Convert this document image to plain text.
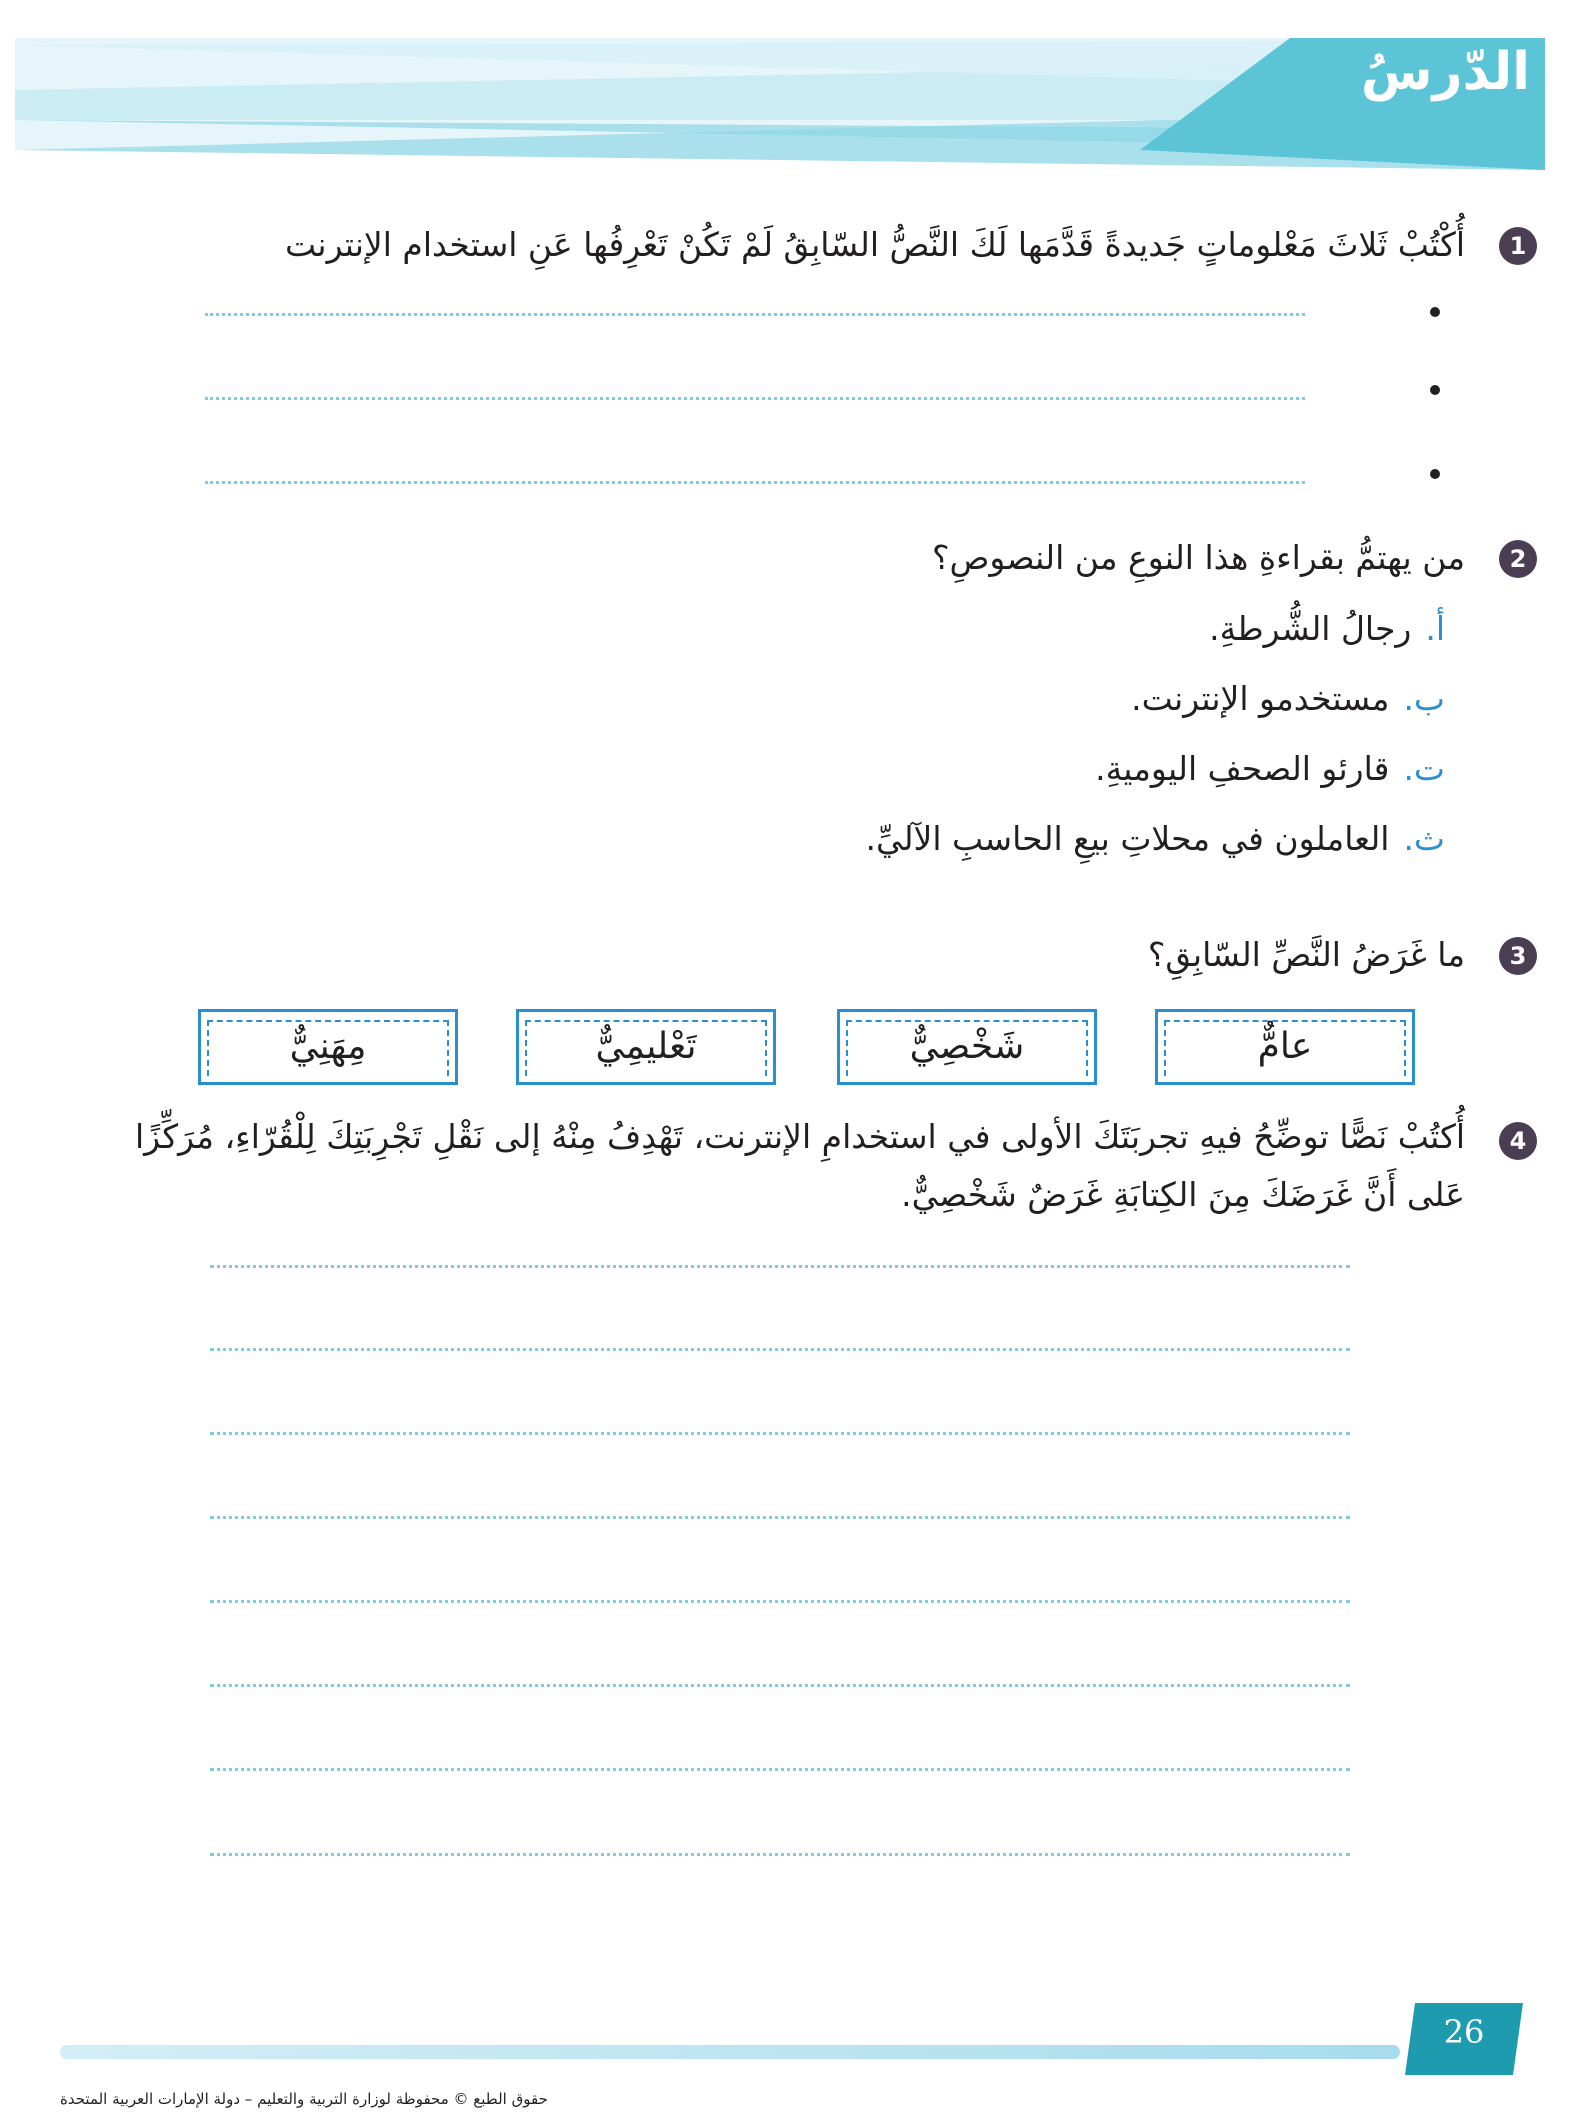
الدّرسُ
1
أُكْتُبْ ثَلاثَ مَعْلوماتٍ جَديدةً قَدَّمَها لَكَ النَّصُّ السّابِقُ لَمْ تَكُنْ تَعْرِفُها عَنِ استخدام الإنترنت
2
من يهتمُّ بقراءةِ هذا النوعِ من النصوصِ؟
أ.رجالُ الشُّرطةِ.
ب.مستخدمو الإنترنت.
ت.قارئو الصحفِ اليوميةِ.
ث.العاملون في محلاتِ بيعِ الحاسبِ الآليِّ.
3
ما غَرَضُ النَّصِّ السّابِقِ؟
عامٌّ
شَخْصِيٌّ
تَعْليمِيٌّ
مِهَنِيٌّ
4
أُكتُبْ نَصًّا توضِّحُ فيهِ تجربَتَكَ الأولى في استخدامِ الإنترنت، تَهْدِفُ مِنْهُ إلى نَقْلِ تَجْرِبَتِكَ لِلْقُرّاءِ، مُرَكِّزًا عَلى أَنَّ غَرَضَكَ مِنَ الكِتابَةِ غَرَضٌ شَخْصِيٌّ.
26
حقوق الطبع © محفوظة لوزارة التربية والتعليم – دولة الإمارات العربية المتحدة
